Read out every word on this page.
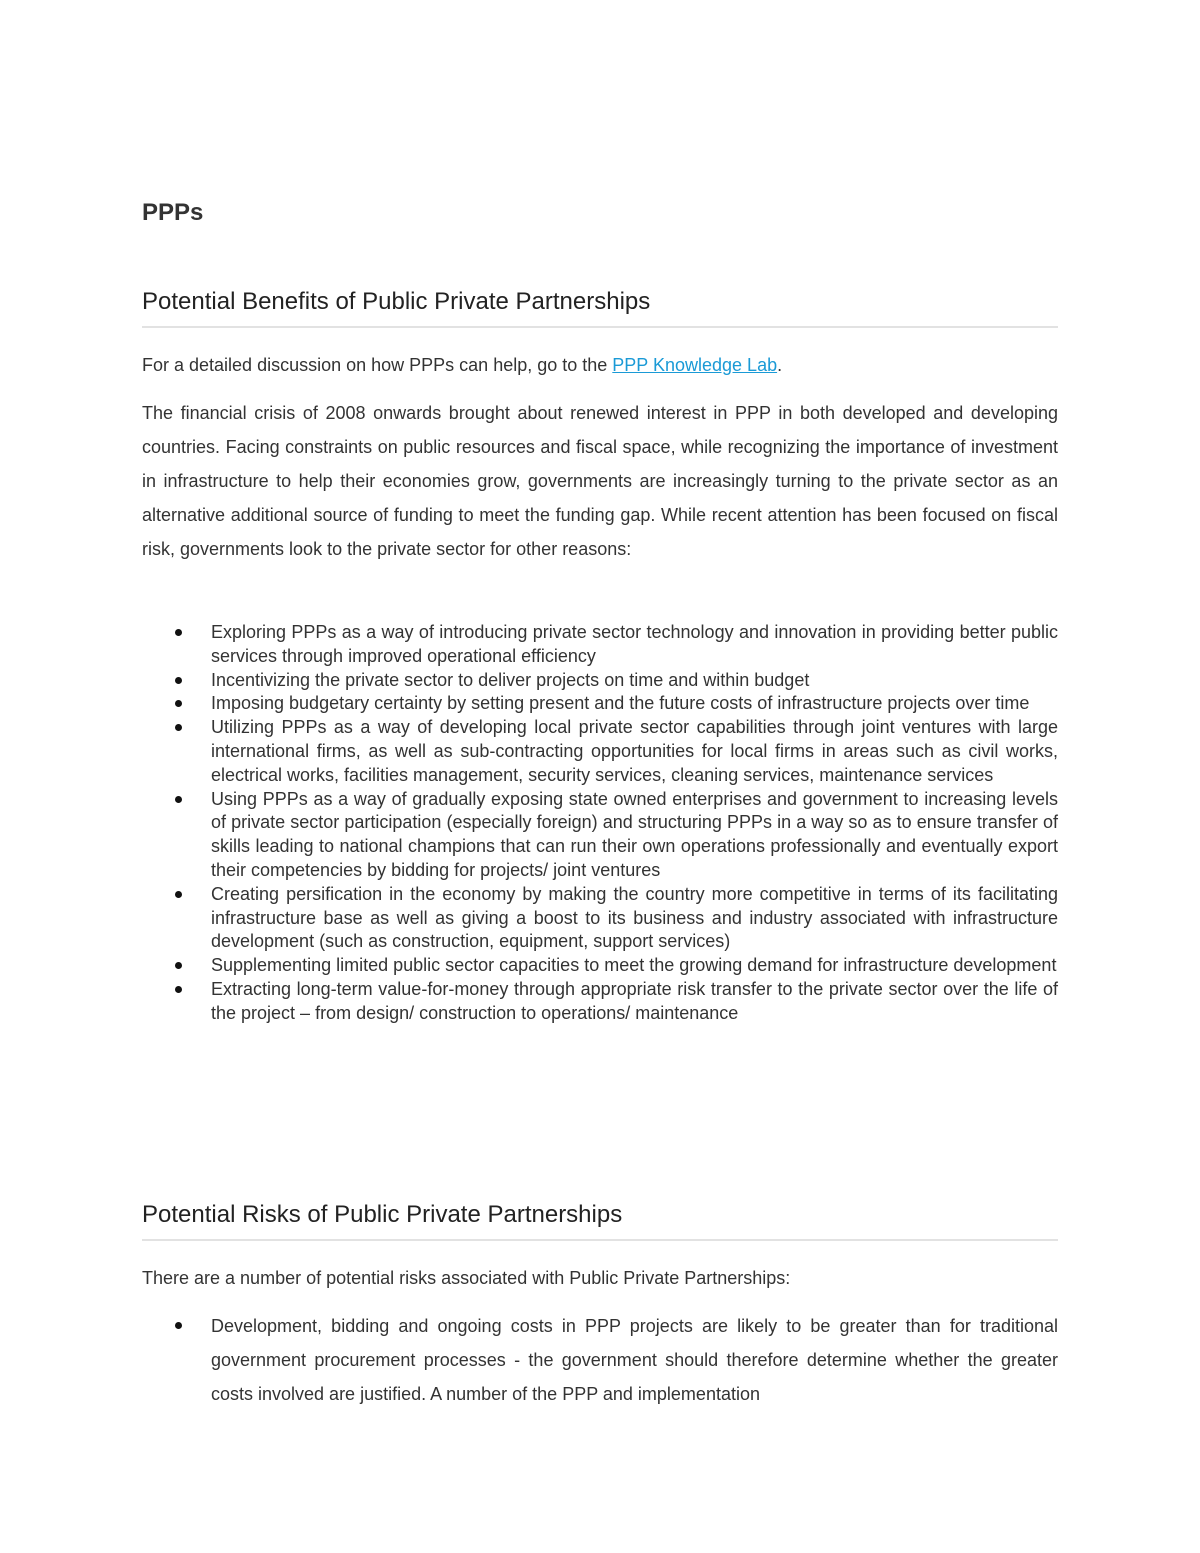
PPPs
Potential Benefits of Public Private Partnerships

For a detailed discussion on how PPPs can help, go to the PPP Knowledge Lab.

The financial crisis of 2008 onwards brought about renewed interest in PPP in both developed and developing countries. Facing constraints on public resources and fiscal space, while recognizing the importance of investment in infrastructure to help their economies grow, governments are increasingly turning to the private sector as an alternative additional source of funding to meet the funding gap. While recent attention has been focused on fiscal risk, governments look to the private sector for other reasons:

Exploring PPPs as a way of introducing private sector technology and innovation in providing better public services through improved operational efficiency
Incentivizing the private sector to deliver projects on time and within budget
Imposing budgetary certainty by setting present and the future costs of infrastructure projects over time
Utilizing PPPs as a way of developing local private sector capabilities through joint ventures with large international firms, as well as sub-contracting opportunities for local firms in areas such as civil works, electrical works, facilities management, security services, cleaning services, maintenance services
Using PPPs as a way of gradually exposing state owned enterprises and government to increasing levels of private sector participation (especially foreign) and structuring PPPs in a way so as to ensure transfer of skills leading to national champions that can run their own operations professionally and eventually export their competencies by bidding for projects/ joint ventures
Creating persification in the economy by making the country more competitive in terms of its facilitating infrastructure base as well as giving a boost to its business and industry associated with infrastructure development (such as construction, equipment, support services)
Supplementing limited public sector capacities to meet the growing demand for infrastructure development
Extracting long-term value-for-money through appropriate risk transfer to the private sector over the life of the project – from design/ construction to operations/ maintenance
Potential Risks of Public Private Partnerships

There are a number of potential risks associated with Public Private Partnerships:

Development, bidding and ongoing costs in PPP projects are likely to be greater than for traditional government procurement processes - the government should therefore determine whether the greater costs involved are justified. A number of the PPP and implementation
